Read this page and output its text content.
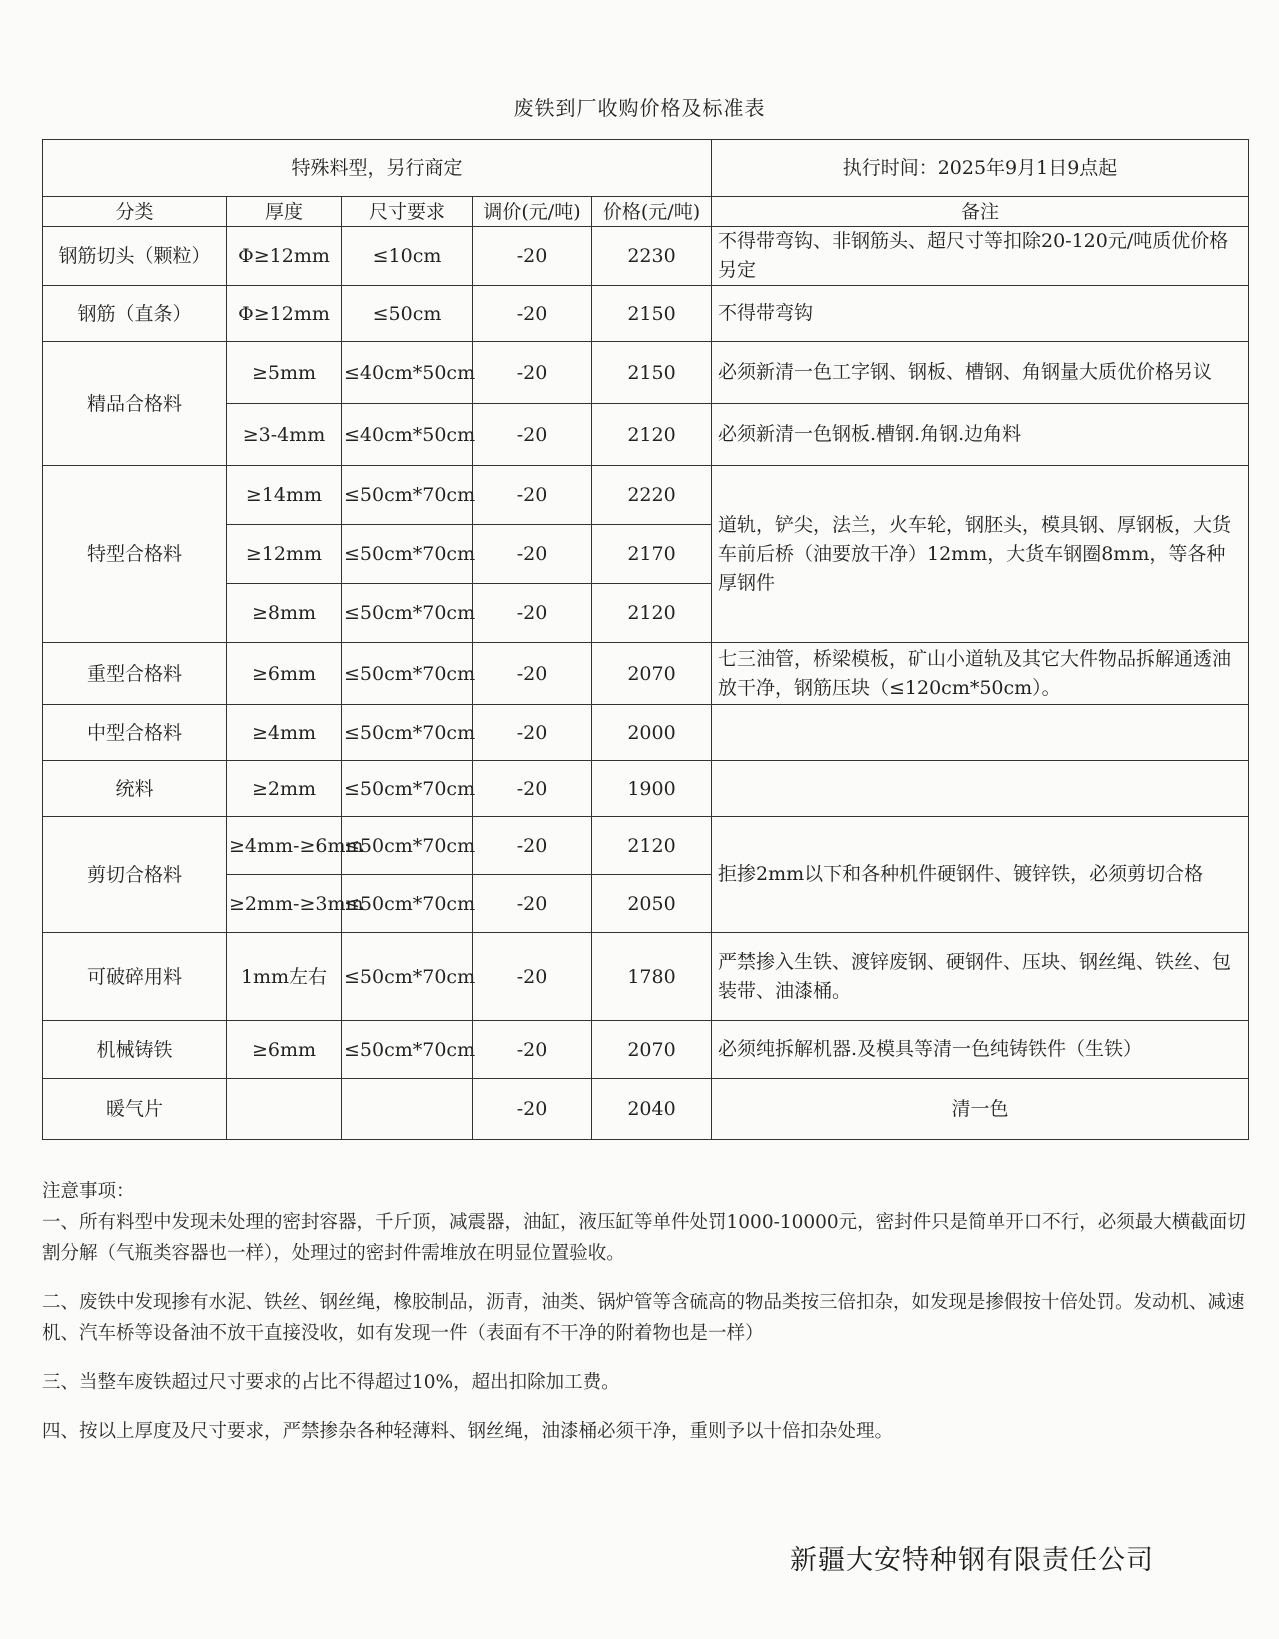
废铁到厂收购价格及标准表
特殊料型，另行商定					执行时间：2025年9月1日9点起
分类	厚度	尺寸要求	调价(元/吨)	价格(元/吨)	备注
钢筋切头（颗粒）	Φ≥12mm	≤10cm	-20	2230	不得带弯钩、非钢筋头、超尺寸等扣除20-120元/吨质优价格另定
钢筋（直条）	Φ≥12mm	≤50cm	-20	2150	不得带弯钩
精品合格料	≥5mm	≤40cm*50cm	-20	2150	必须新清一色工字钢、钢板、槽钢、角钢量大质优价格另议
	≥3-4mm	≤40cm*50cm	-20	2120	必须新清一色钢板.槽钢.角钢.边角料
特型合格料	≥14mm	≤50cm*70cm	-20	2220	道轨，铲尖，法兰，火车轮，钢胚头，模具钢、厚钢板，大货车前后桥（油要放干净）12mm，大货车钢圈8mm，等各种厚钢件
	≥12mm	≤50cm*70cm	-20	2170	
	≥8mm	≤50cm*70cm	-20	2120	
重型合格料	≥6mm	≤50cm*70cm	-20	2070	七三油管，桥梁模板，矿山小道轨及其它大件物品拆解通透油放干净，钢筋压块（≤120cm*50cm）。
中型合格料	≥4mm	≤50cm*70cm	-20	2000	
统料	≥2mm	≤50cm*70cm	-20	1900	
剪切合格料	≥4mm-≥6mm	≤50cm*70cm	-20	2120	拒掺2mm以下和各种机件硬钢件、镀锌铁，必须剪切合格
	≥2mm-≥3mm	≤50cm*70cm	-20	2050	
可破碎用料	1mm左右	≤50cm*70cm	-20	1780	严禁掺入生铁、渡锌废钢、硬钢件、压块、钢丝绳、铁丝、包装带、油漆桶。
机械铸铁	≥6mm	≤50cm*70cm	-20	2070	必须纯拆解机器.及模具等清一色纯铸铁件（生铁）
暖气片			-20	2040	清一色

注意事项：

一、所有料型中发现未处理的密封容器，千斤顶，减震器，油缸，液压缸等单件处罚1000-10000元，密封件只是简单开口不行，必须最大横截面切割分解（气瓶类容器也一样），处理过的密封件需堆放在明显位置验收。

二、废铁中发现掺有水泥、铁丝、钢丝绳，橡胶制品，沥青，油类、锅炉管等含硫高的物品类按三倍扣杂，如发现是掺假按十倍处罚。发动机、减速机、汽车桥等设备油不放干直接没收，如有发现一件（表面有不干净的附着物也是一样）

三、当整车废铁超过尺寸要求的占比不得超过10%，超出扣除加工费。

四、按以上厚度及尺寸要求，严禁掺杂各种轻薄料、钢丝绳，油漆桶必须干净，重则予以十倍扣杂处理。

新疆大安特种钢有限责任公司
